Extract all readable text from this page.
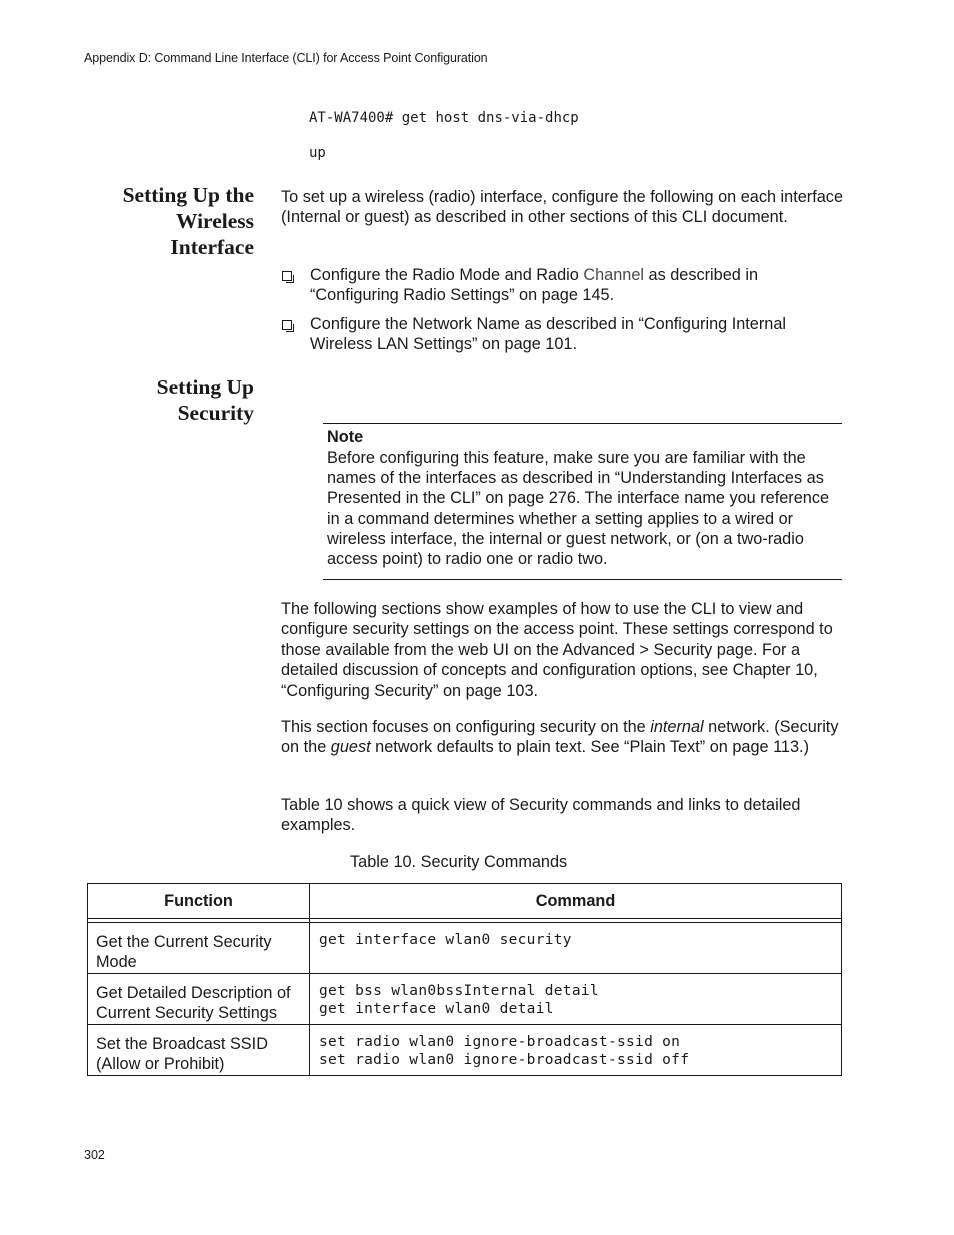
Appendix D: Command Line Interface (CLI) for Access Point Configuration
AT-WA7400# get host dns-via-dhcp
up
Setting Up the
Wireless
Interface
To set up a wireless (radio) interface, configure the following on each interface (Internal or guest) as described in other sections of this CLI document.
Configure the Radio Mode and Radio Channel as described in “Configuring Radio Settings” on page 145.
Configure the Network Name as described in “Configuring Internal Wireless LAN Settings” on page 101.
Setting Up
Security
Note
Before configuring this feature, make sure you are familiar with the names of the interfaces as described in “Understanding Interfaces as Presented in the CLI” on page 276. The interface name you reference in a command determines whether a setting applies to a wired or wireless interface, the internal or guest network, or (on a two-radio access point) to radio one or radio two.
The following sections show examples of how to use the CLI to view and configure security settings on the access point. These settings correspond to those available from the web UI on the Advanced > Security page. For a detailed discussion of concepts and configuration options, see Chapter 10, “Configuring Security” on page 103.
This section focuses on configuring security on the internal network. (Security on the guest network defaults to plain text. See “Plain Text” on page 113.)
Table 10 shows a quick view of Security commands and links to detailed examples.
Table 10. Security Commands
Function	Command

Get the Current Security Mode	get interface wlan0 security
Get Detailed Description of Current Security Settings	get bss wlan0bssInternal detail
get interface wlan0 detail
Set the Broadcast SSID (Allow or Prohibit)	set radio wlan0 ignore-broadcast-ssid on
set radio wlan0 ignore-broadcast-ssid off
302
